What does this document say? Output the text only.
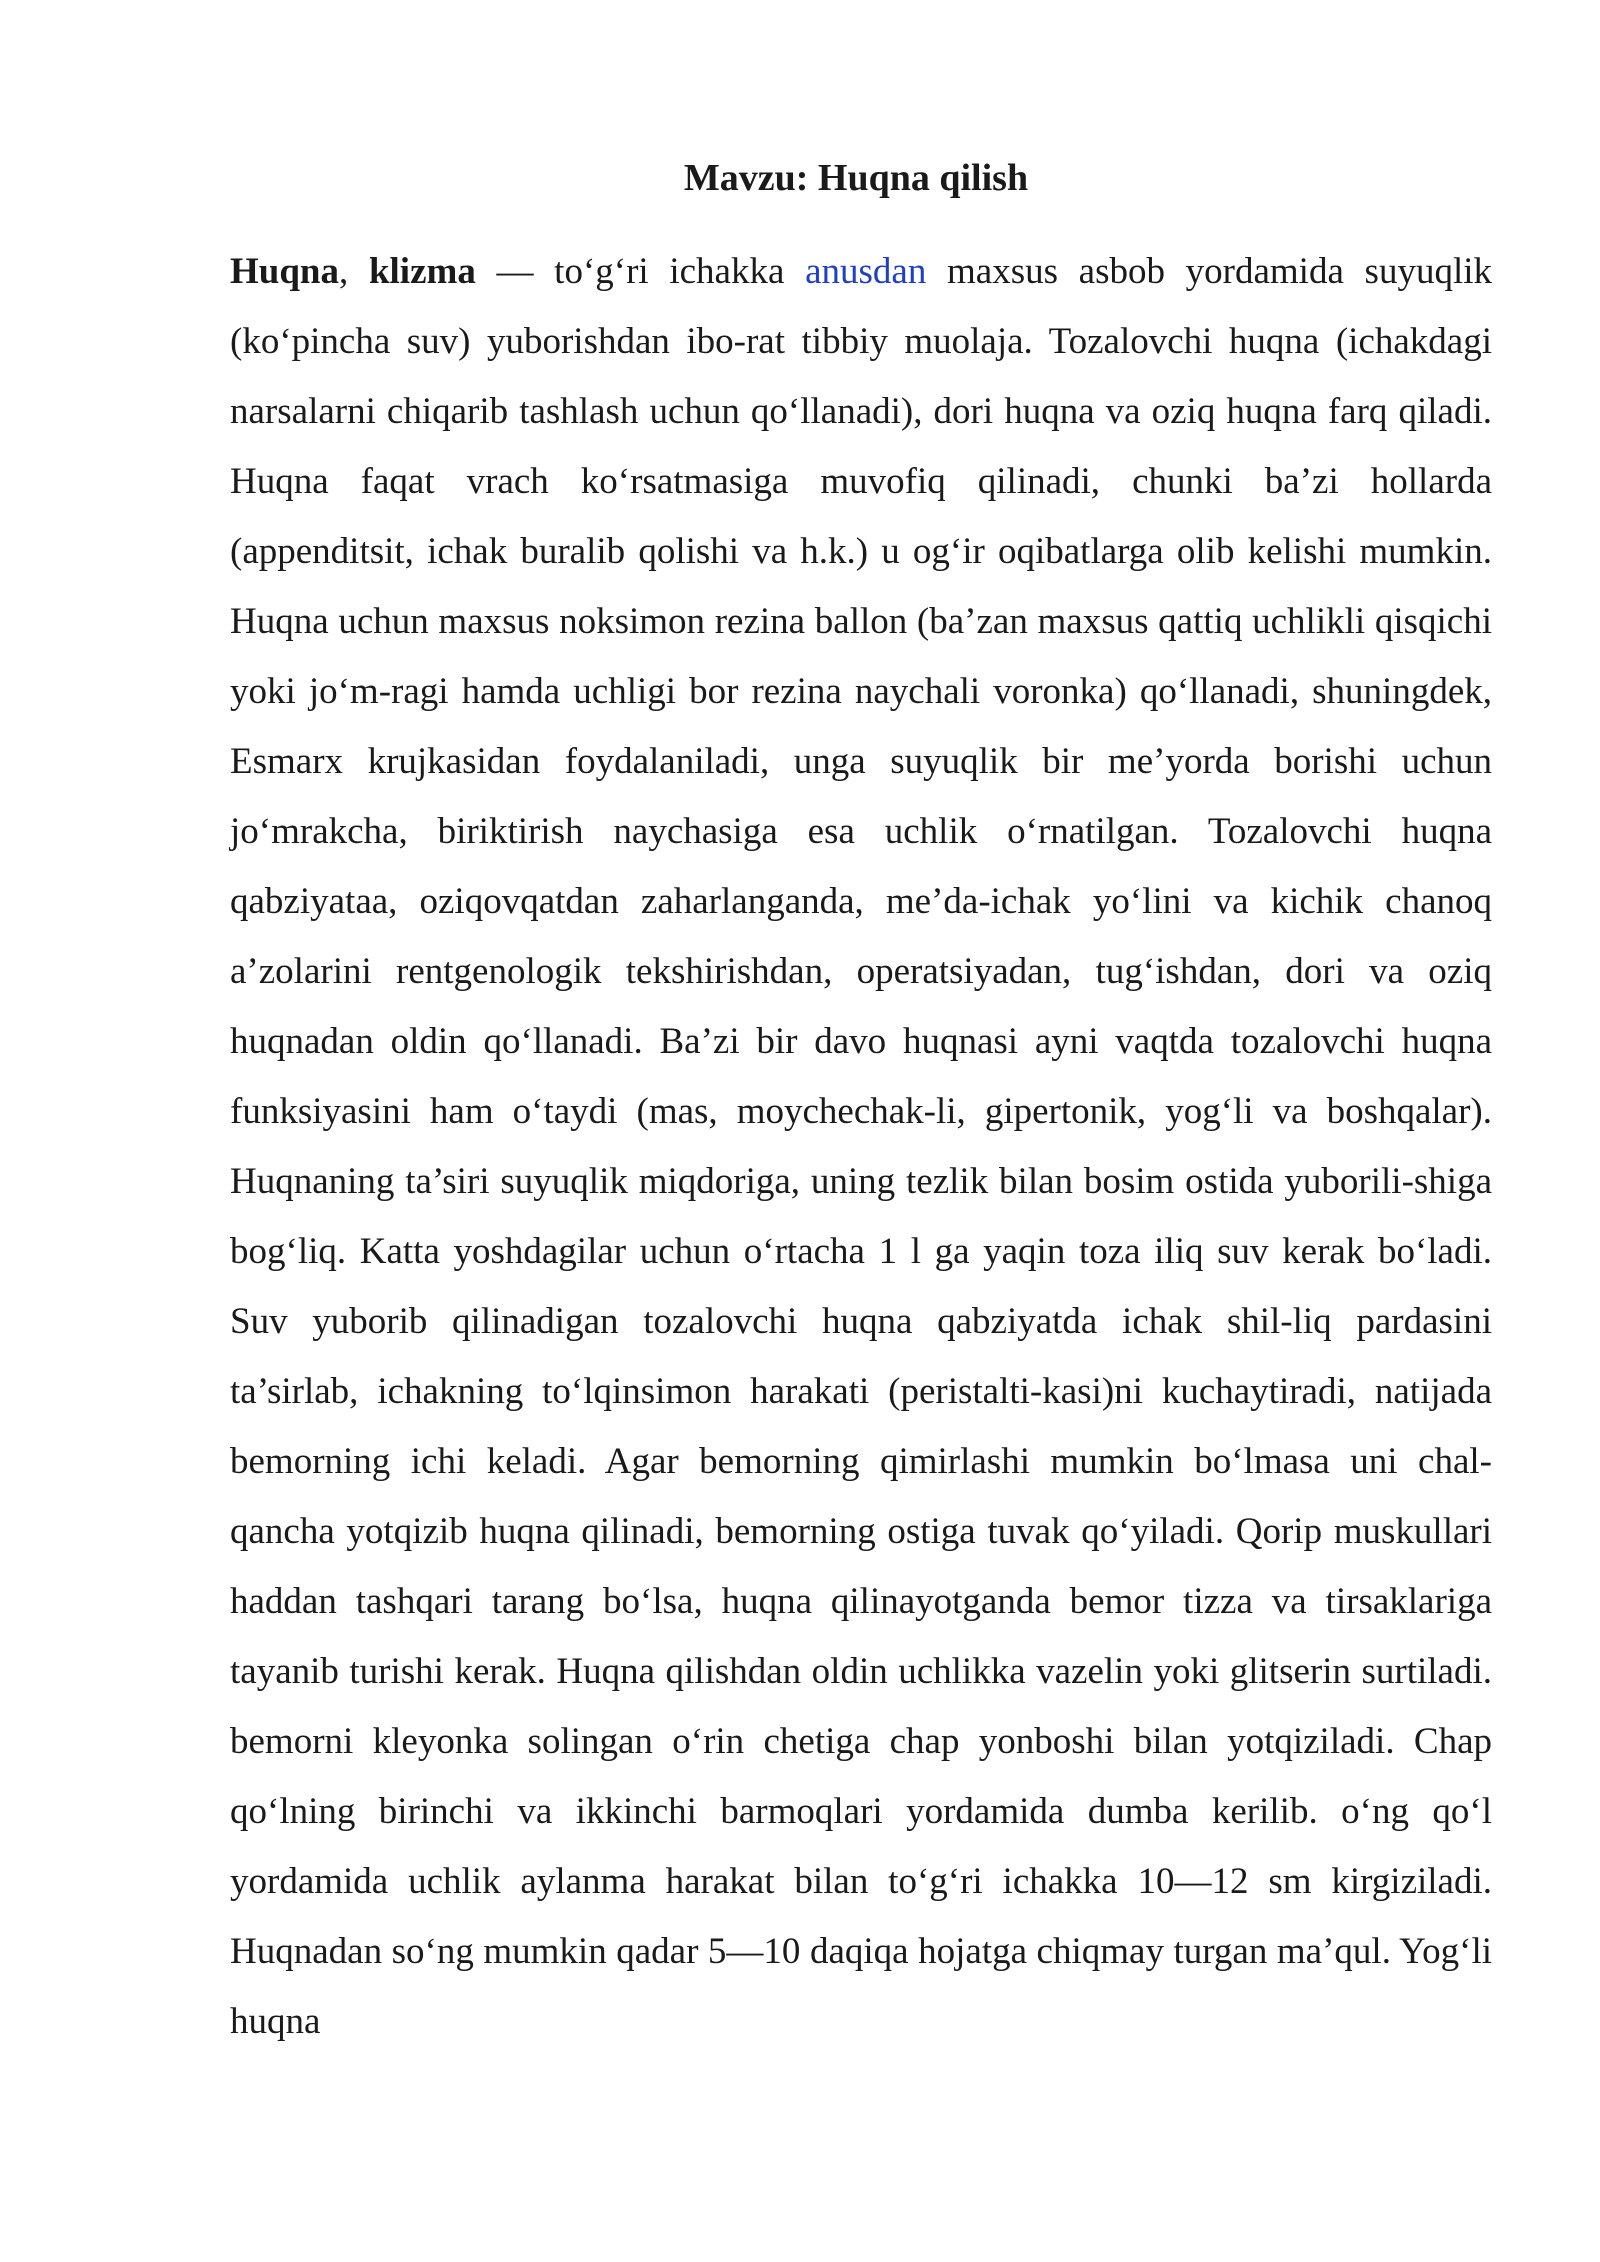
Mavzu: Huqna qilish

Huqna, klizma — to‘g‘ri ichakka anusdan maxsus asbob yordamida suyuqlik (ko‘pincha suv) yuborishdan ibo-rat tibbiy muolaja. Tozalovchi huqna (ichakdagi narsalarni chiqarib tashlash uchun qo‘llanadi), dori huqna va oziq huqna farq qiladi. Huqna faqat vrach ko‘rsatmasiga muvofiq qilinadi, chunki ba’zi hollarda (appenditsit, ichak buralib qolishi va h.k.) u og‘ir oqibatlarga olib kelishi mumkin. Huqna uchun maxsus noksimon rezina ballon (ba’zan maxsus qattiq uchlikli qisqichi yoki jo‘m-ragi hamda uchligi bor rezina naychali voronka) qo‘llanadi, shuningdek, Esmarx krujkasidan foydalaniladi, unga suyuqlik bir me’yorda borishi uchun jo‘mrakcha, biriktirish naychasiga esa uchlik o‘rnatilgan. Tozalovchi huqna qabziyataa, oziqovqatdan zaharlanganda, me’da-ichak yo‘lini va kichik chanoq a’zolarini rentgenologik tekshirishdan, operatsiyadan, tug‘ishdan, dori va oziq huqnadan oldin qo‘llanadi. Ba’zi bir davo huqnasi ayni vaqtda tozalovchi huqna funksiyasini ham o‘taydi (mas, moychechak-li, gipertonik, yog‘li va boshqalar). Huqnaning ta’siri suyuqlik miqdoriga, uning tezlik bilan bosim ostida yuborili-shiga bog‘liq. Katta yoshdagilar uchun o‘rtacha 1 l ga yaqin toza iliq suv kerak bo‘ladi. Suv yuborib qilinadigan tozalovchi huqna qabziyatda ichak shil-liq pardasini ta’sirlab, ichakning to‘lqinsimon harakati (peristalti-kasi)ni kuchaytiradi, natijada bemorning ichi keladi. Agar bemorning qimirlashi mumkin bo‘lmasa uni chal-qancha yotqizib huqna qilinadi, bemorning ostiga tuvak qo‘yiladi. Qorip muskullari haddan tashqari tarang bo‘lsa, huqna qilinayotganda bemor tizza va tirsaklariga tayanib turishi kerak. Huqna qilishdan oldin uchlikka vazelin yoki glitserin surtiladi. bemorni kleyonka solingan o‘rin chetiga chap yonboshi bilan yotqiziladi. Chap qo‘lning birinchi va ikkinchi barmoqlari yordamida dumba kerilib. o‘ng qo‘l yordamida uchlik aylanma harakat bilan to‘g‘ri ichakka 10—12 sm kirgiziladi. Huqnadan so‘ng mumkin qadar 5—10 daqiqa hojatga chiqmay turgan ma’qul. Yog‘li huqna
